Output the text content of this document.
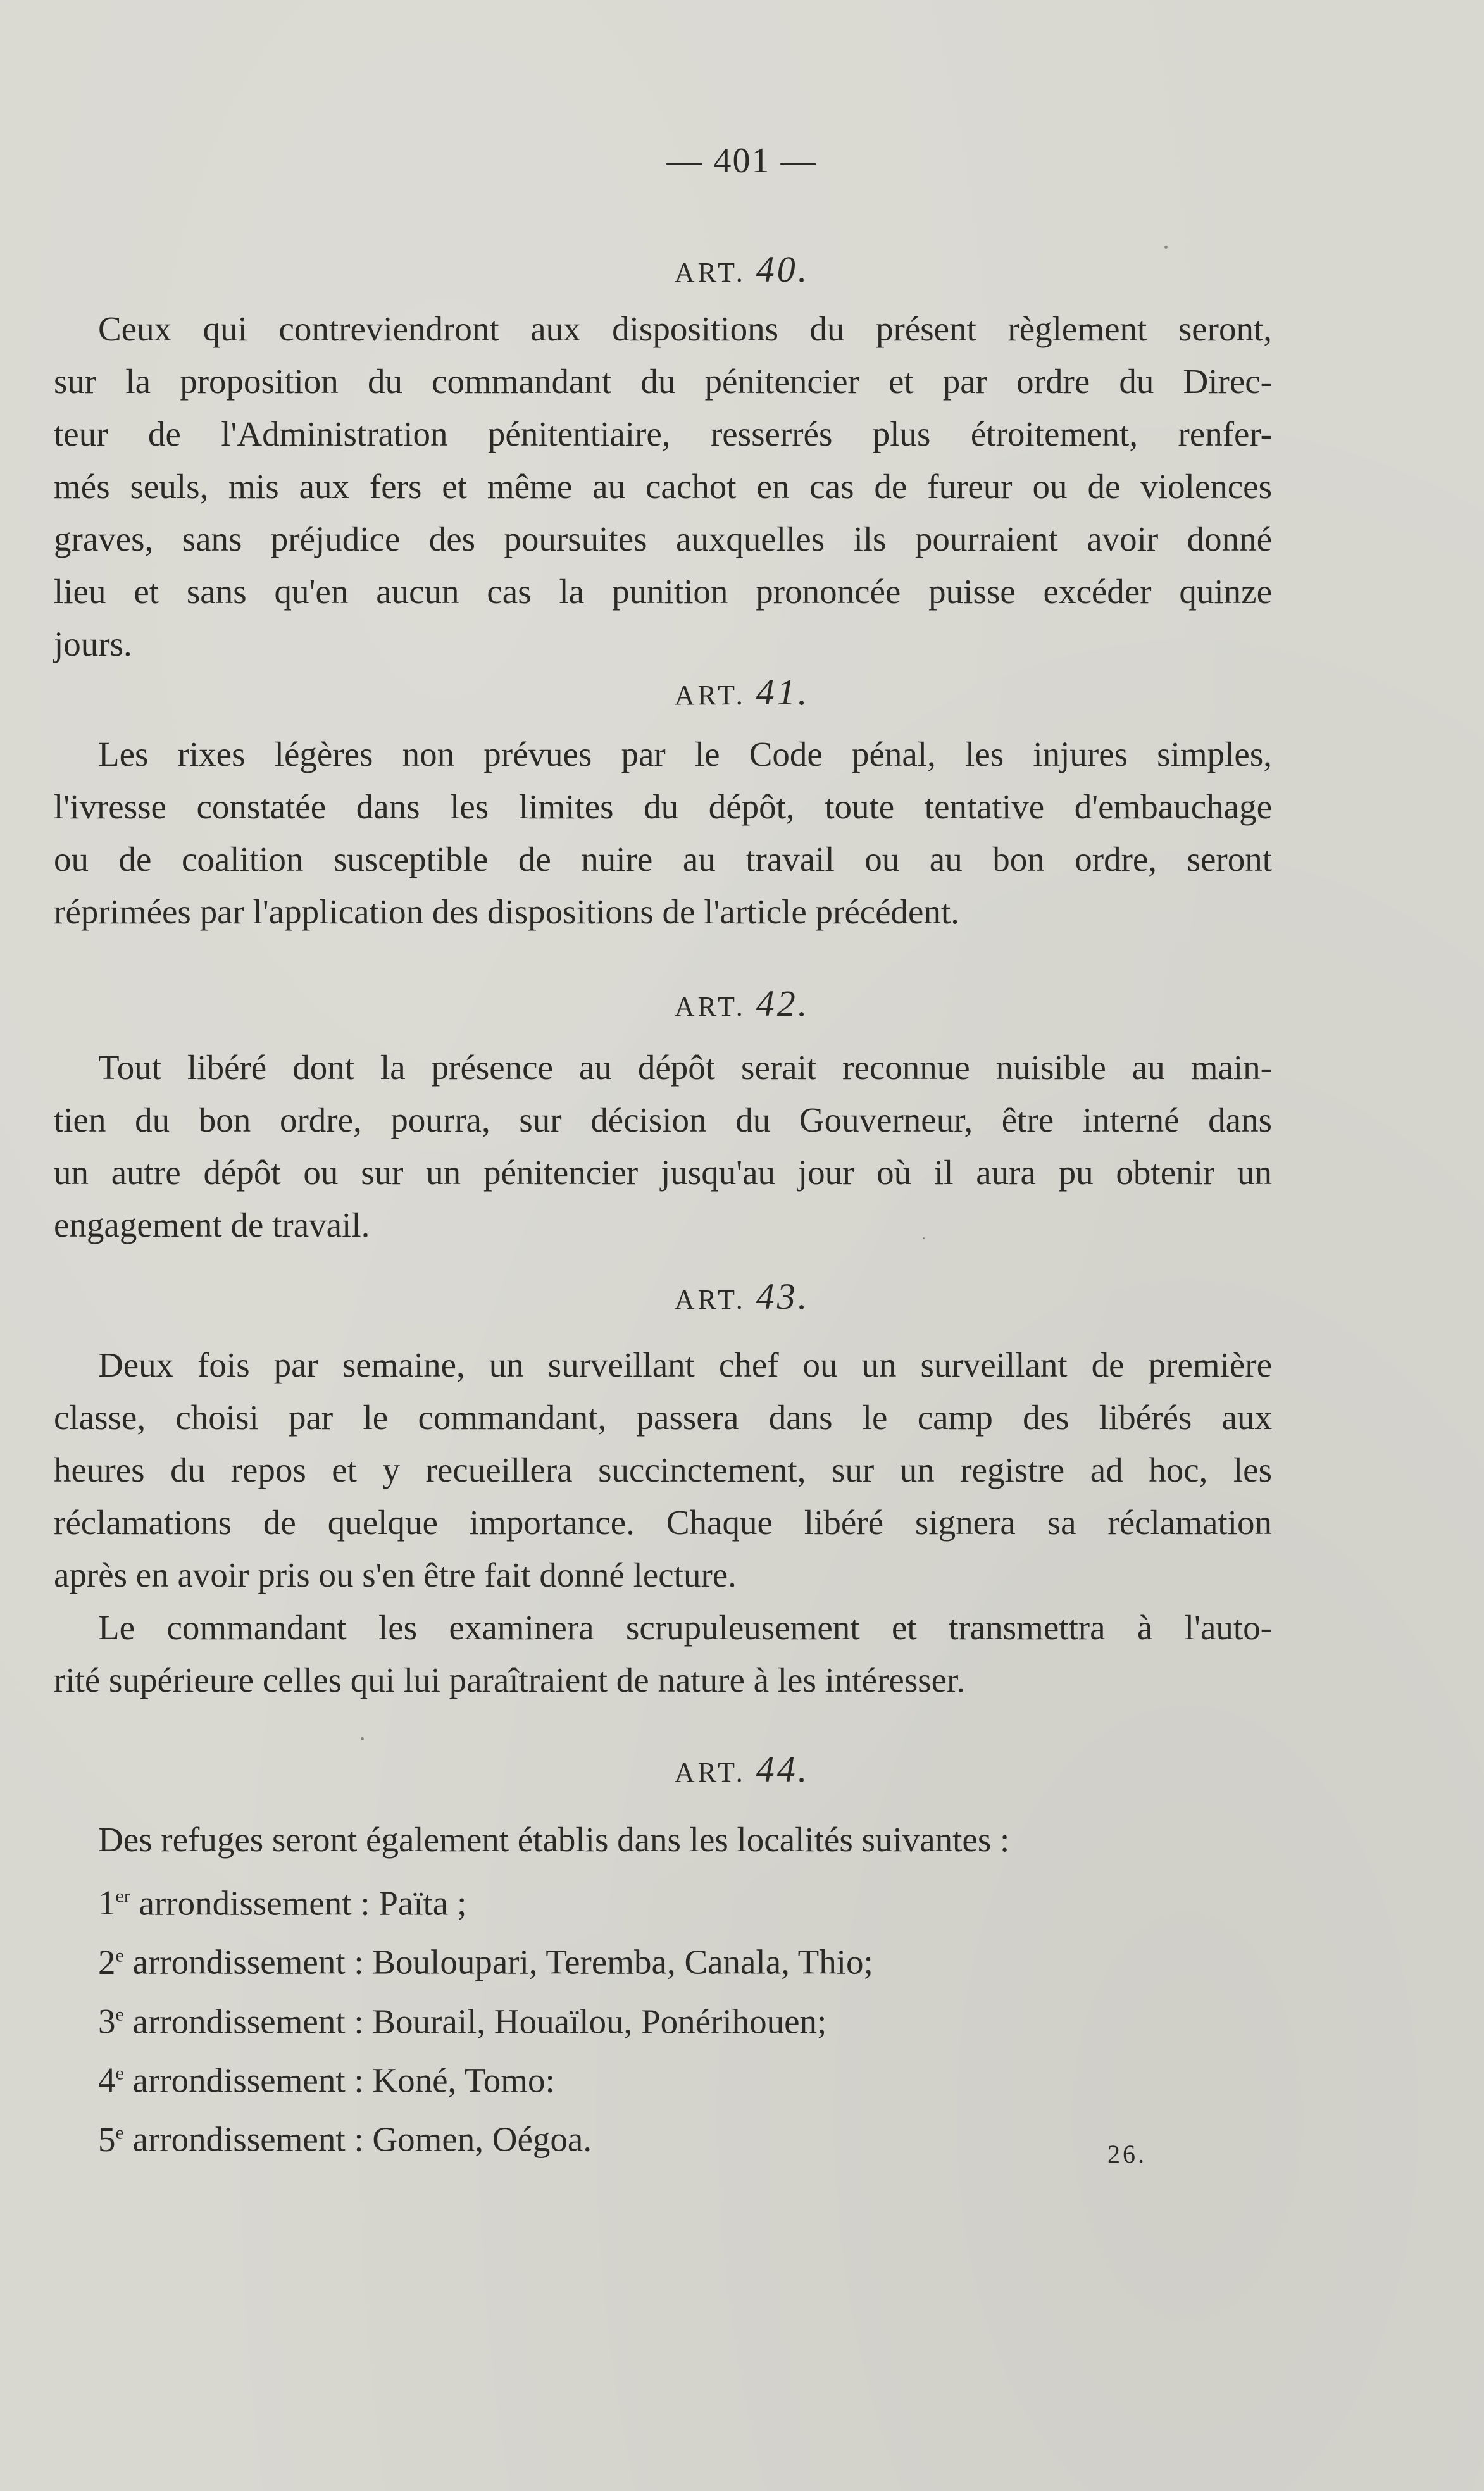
— 401 —
ART. 40.
Ceux qui contreviendront aux dispositions du présent règlement seront,
sur la proposition du commandant du pénitencier et par ordre du Direc-
teur de l'Administration pénitentiaire, resserrés plus étroitement, renfer-
més seuls, mis aux fers et même au cachot en cas de fureur ou de violences
graves, sans préjudice des poursuites auxquelles ils pourraient avoir donné
lieu et sans qu'en aucun cas la punition prononcée puisse excéder quinze
jours.
ART. 41.
Les rixes légères non prévues par le Code pénal, les injures simples,
l'ivresse constatée dans les limites du dépôt, toute tentative d'embauchage
ou de coalition susceptible de nuire au travail ou au bon ordre, seront
réprimées par l'application des dispositions de l'article précédent.
ART. 42.
Tout libéré dont la présence au dépôt serait reconnue nuisible au main-
tien du bon ordre, pourra, sur décision du Gouverneur, être interné dans
un autre dépôt ou sur un pénitencier jusqu'au jour où il aura pu obtenir un
engagement de travail.
ART. 43.
Deux fois par semaine, un surveillant chef ou un surveillant de première
classe, choisi par le commandant, passera dans le camp des libérés aux
heures du repos et y recueillera succinctement, sur un registre ad hoc, les
réclamations de quelque importance. Chaque libéré signera sa réclamation
après en avoir pris ou s'en être fait donné lecture.
Le commandant les examinera scrupuleusement et transmettra à l'auto-
rité supérieure celles qui lui paraîtraient de nature à les intéresser.
ART. 44.
Des refuges seront également établis dans les localités suivantes :
1er arrondissement : Païta ;
2e arrondissement : Bouloupari, Teremba, Canala, Thio;
3e arrondissement : Bourail, Houaïlou, Ponérihouen;
4e arrondissement : Koné, Tomo:
5e arrondissement : Gomen, Oégoa.	26.
